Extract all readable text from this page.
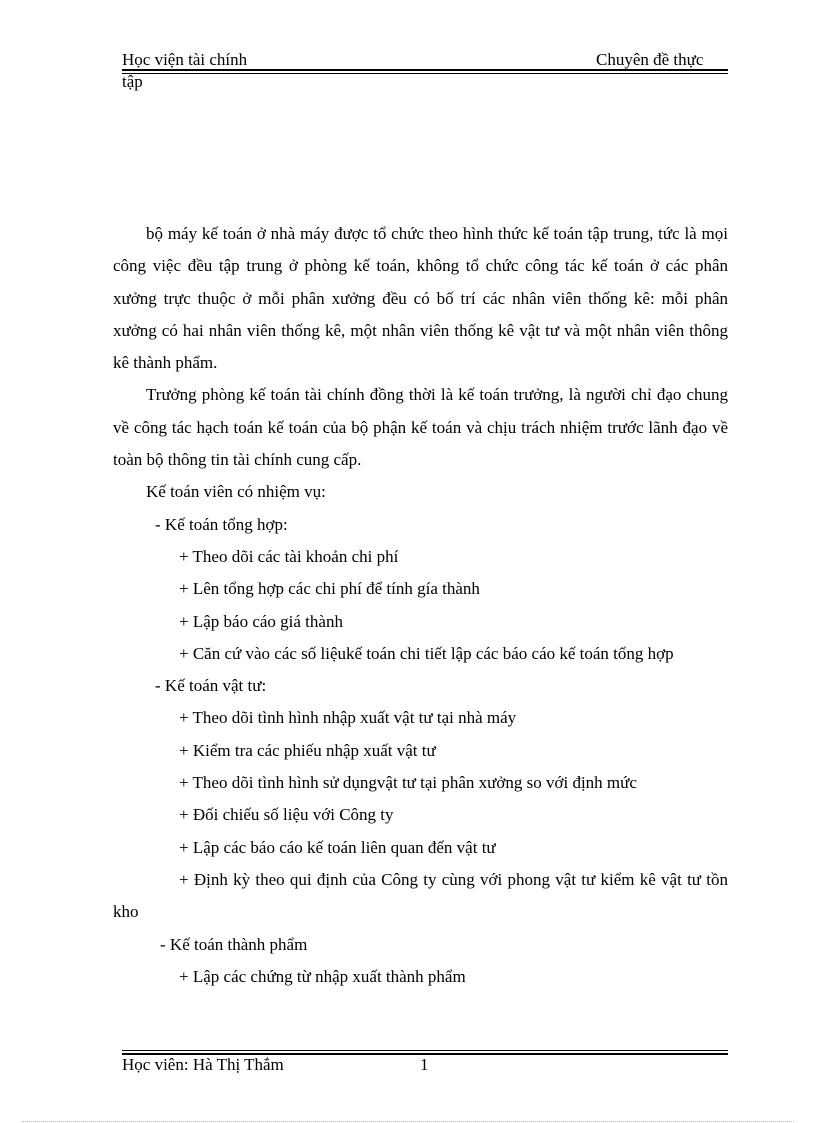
Học viện tài chính	Chuyên đề thực
tập

bộ máy kế toán ở nhà máy được tổ chức theo hình thức kế toán tập trung, tức là mọi công việc đều tập trung ở phòng kế toán, không tổ chức công tác kế toán ở các phân xưởng trực thuộc ở mỗi phân xưởng đều có bố trí các nhân viên thống kê: mỗi phân xưởng có hai nhân viên thống kê, một nhân viên thống kê vật tư và một nhân viên thông kê thành phẩm.

Trưởng phòng kế toán tài chính đồng thời là kế toán trưởng, là người chỉ đạo chung về công tác hạch toán kế toán của bộ phận kế toán và chịu trách nhiệm trước lãnh đạo về toàn bộ thông tin tài chính cung cấp.

Kế toán viên có nhiệm vụ:

- Kế toán tổng hợp:

+ Theo dõi các tài khoản chi phí

+ Lên tổng hợp các chi phí để tính gía thành

+ Lập báo cáo giá thành

+ Căn cứ vào các số liệukế toán chi tiết lập các báo cáo kế toán tổng hợp

- Kế toán vật tư:

+ Theo dõi tình hình nhập xuất vật tư tại nhà máy

+ Kiểm tra các phiếu nhập xuất vật tư

+ Theo dõi tình hình sử dụngvật tư tại phân xưởng so với định mức

+ Đối chiếu số liệu với Công ty

+ Lập các báo cáo kế toán liên quan đến vật tư

+ Định kỳ theo qui định của Công ty cùng với phong vật tư kiểm kê vật tư tồn kho

- Kế toán thành phẩm

+ Lập các chứng từ nhập xuất thành phẩm

Học viên: Hà Thị Thắm	1
